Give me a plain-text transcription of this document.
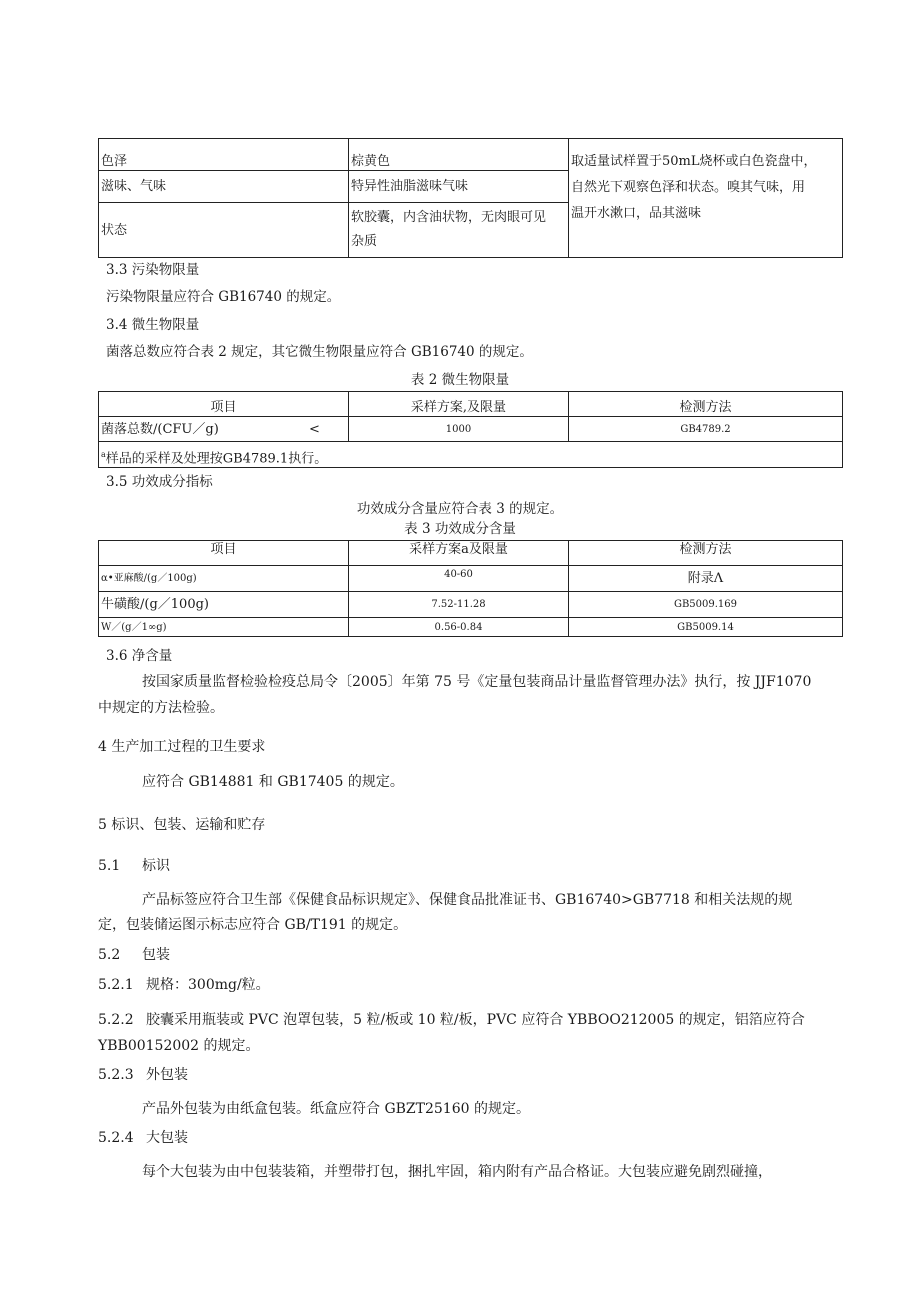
色泽	棕黄色	取适量试样置于50mL烧杯或白色瓷盘中，
自然光下观察色泽和状态。嗅其气味，用
温开水漱口，品其滋味

滋味、气味	特异性油脂滋味气味	
状态	软胶囊，内含油状物，无肉眼可见
杂质	
3.3 污染物限量
污染物限量应符合 GB16740 的规定。
3.4 微生物限量
菌落总数应符合表 2 规定，其它微生物限量应符合 GB16740 的规定。
表 2 微生物限量
项目	采样方案,及限量	检测方法
菌落总数/(CFU／g) <	1000	GB4789.2
$^a$样品的采样及处理按GB4789.1执行。		
3.5 功效成分指标
功效成分含量应符合表 3 的规定。
表 3 功效成分含量
项目	采样方案a及限量	检测方法
α•亚麻酸/(g／100g)	40-60	附录Λ
牛磺酸/(g／100g)	7.52-11.28	GB5009.169
W／(g／1∞g)	0.56-0.84	GB5009.14
3.6 净含量
按国家质量监督检验检疫总局令〔2005〕年第 75 号《定量包装商品计量监督管理办法》执行，按 JJF1070
中规定的方法检验。
4 生产加工过程的卫生要求
应符合 GB14881 和 GB17405 的规定。
5 标识、包装、运输和贮存
5.1 标识
产品标签应符合卫生部《保健食品标识规定》、保健食品批准证书、GB16740>GB7718 和相关法规的规
定，包装储运图示标志应符合 GB/T191 的规定。
5.2 包装
5.2.1 规格：300mg/粒。
5.2.2 胶囊采用瓶装或 PVC 泡罩包装，5 粒/板或 10 粒/板，PVC 应符合 YBBOO212005 的规定，铝箔应符合
YBB00152002 的规定。
5.2.3 外包装
产品外包装为由纸盒包装。纸盒应符合 GBZT25160 的规定。
5.2.4 大包装
每个大包装为由中包装装箱，并塑带打包，捆扎牢固，箱内附有产品合格证。大包装应避免剧烈碰撞，
